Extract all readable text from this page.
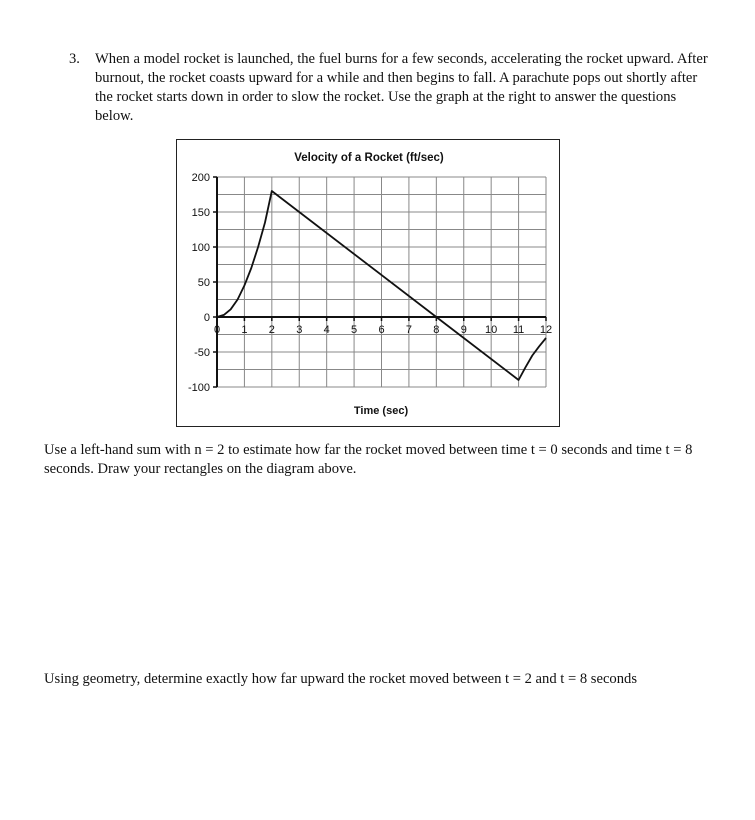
3. When a model rocket is launched, the fuel burns for a few seconds, accelerating the rocket upward. After burnout, the rocket coasts upward for a while and then begins to fall. A parachute pops out shortly after the rocket starts down in order to slow the rocket. Use the graph at the right to answer the questions below.
Velocity of a Rocket (ft/sec)
200
150
100
50
0
-50
-100
0 1 2 3 4 5 6 7 8 9 10 11 12
Time (sec)
Use a left-hand sum with n = 2 to estimate how far the rocket moved between time t = 0 seconds and time t = 8 seconds. Draw your rectangles on the diagram above.
Using geometry, determine exactly how far upward the rocket moved between t = 2 and t = 8 seconds
